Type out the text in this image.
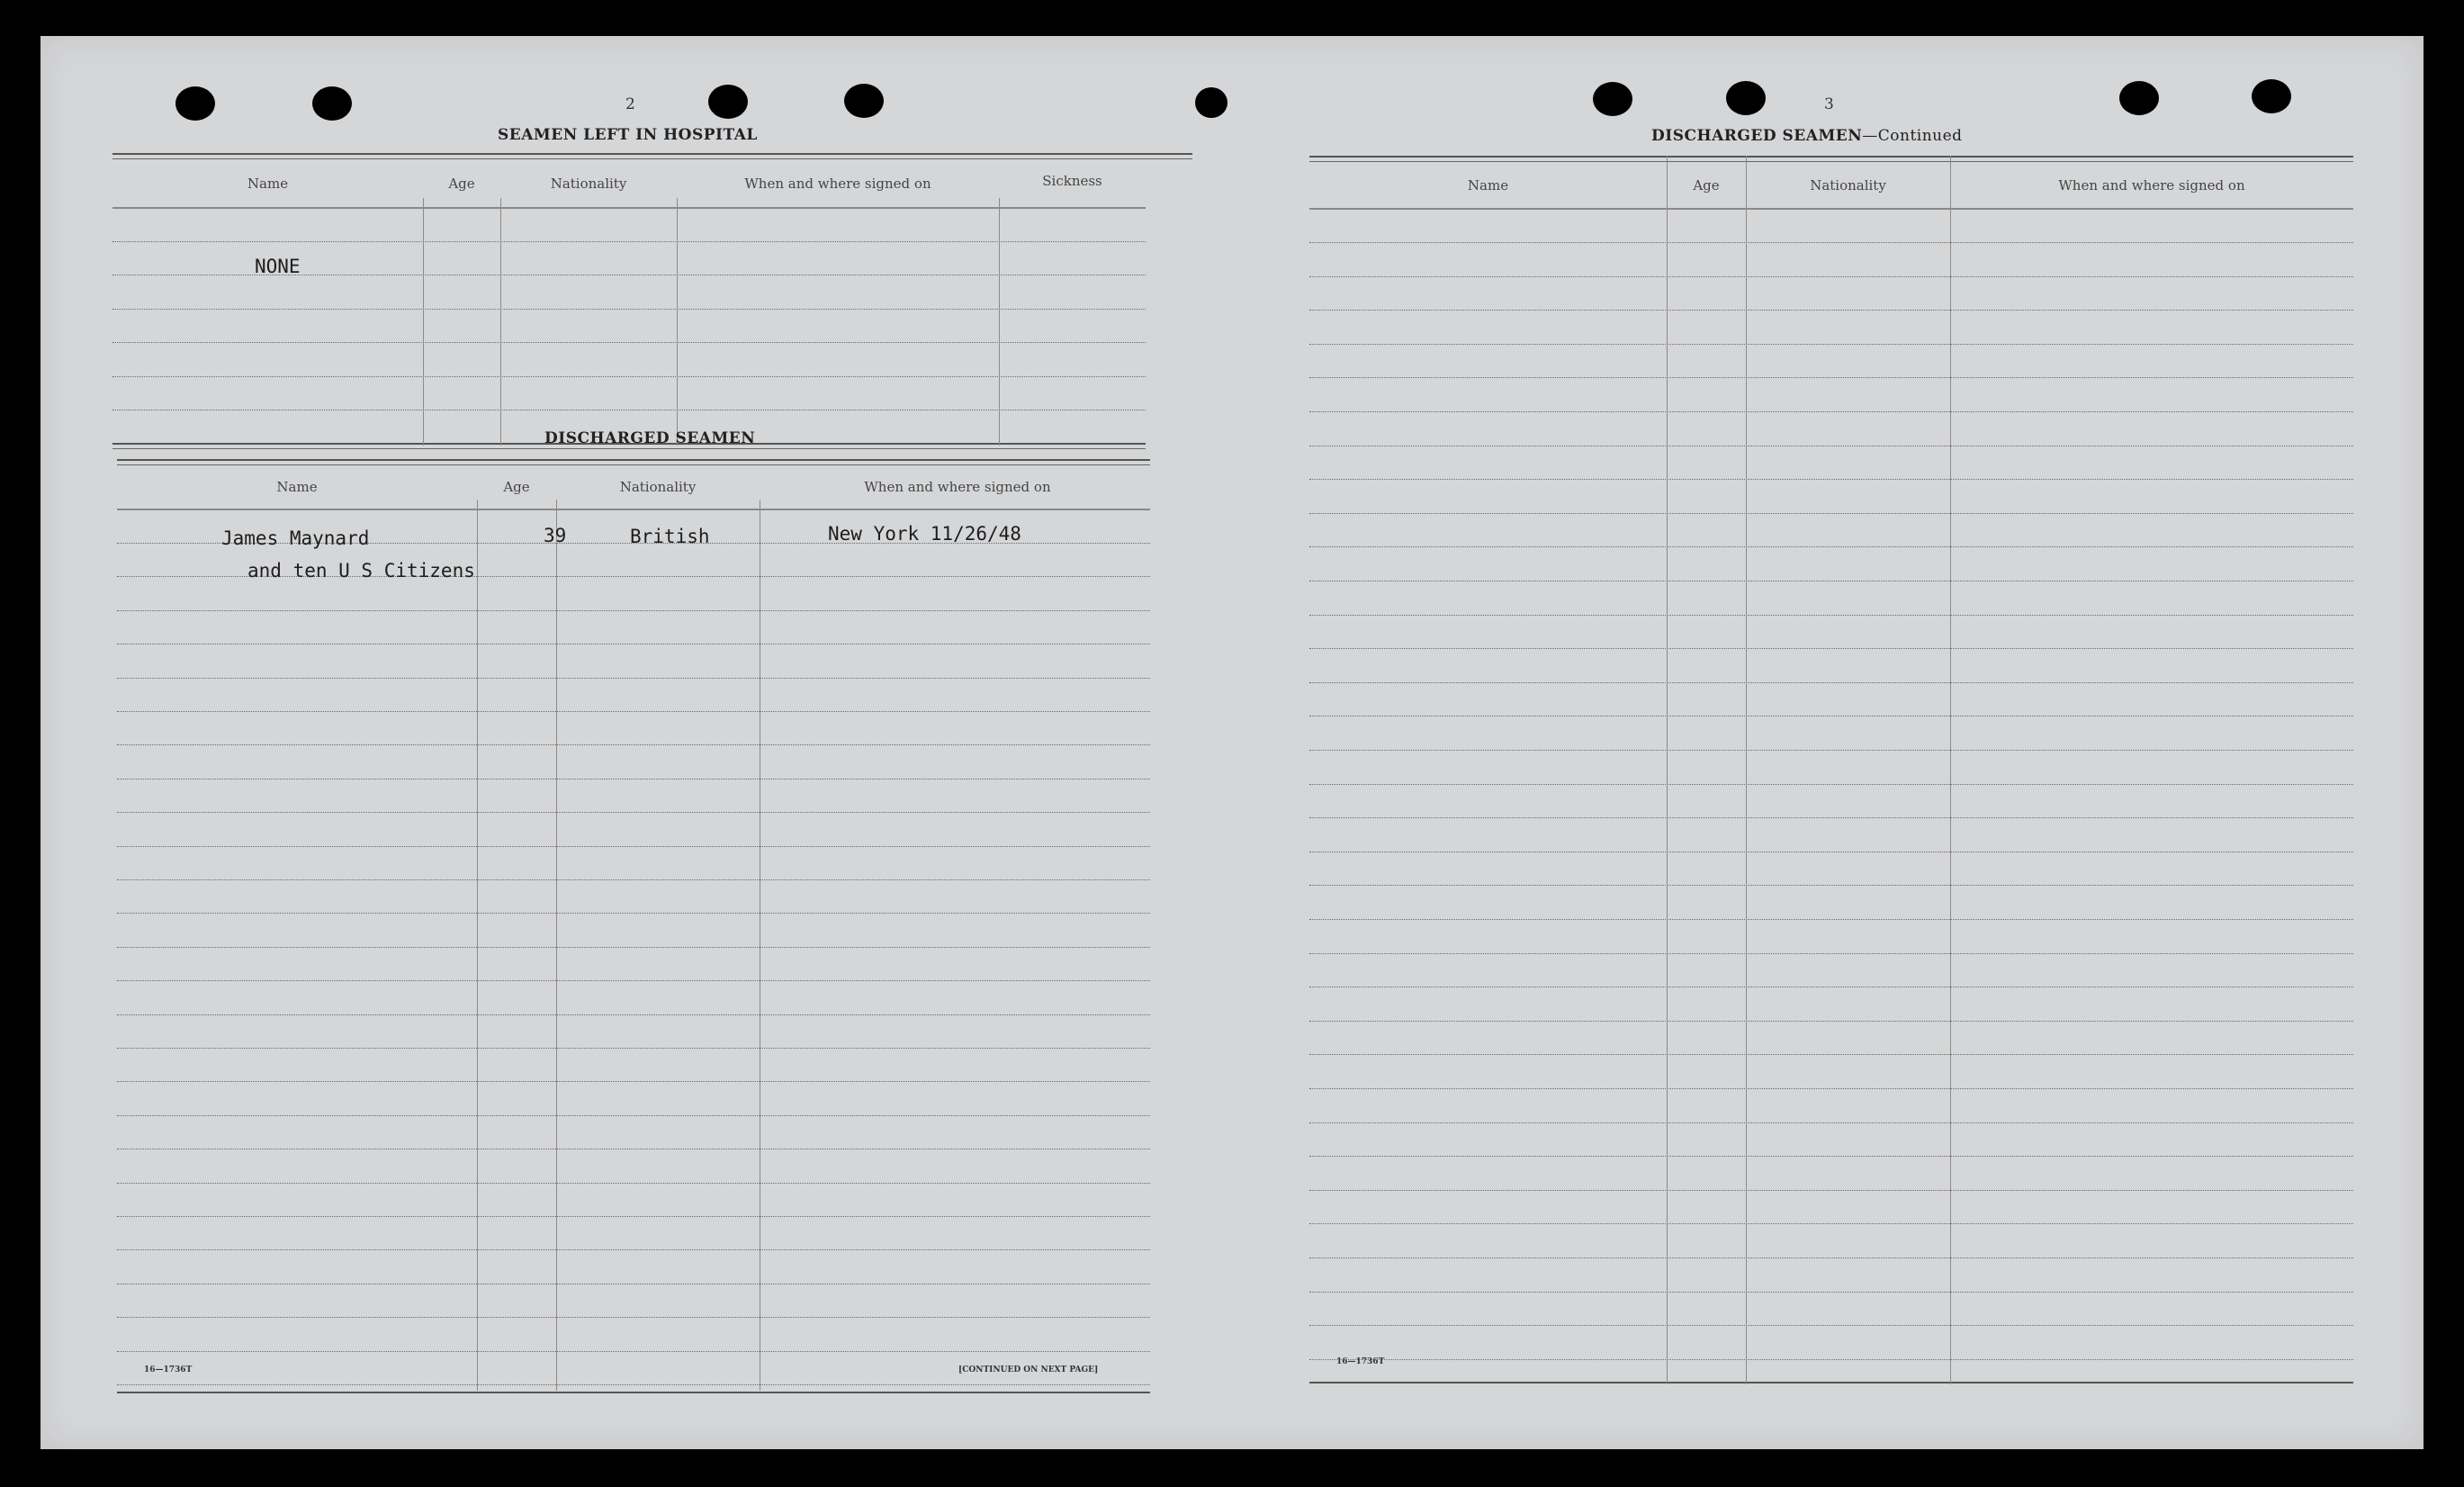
2
SEAMEN LEFT IN HOSPITAL
Name	Age	Nationality	When and where signed on	Sickness
NONE
DISCHARGED SEAMEN
Name	Age	Nationality	When and where signed on
James Maynard	39	British	New York 11/26/48
and ten U S Citizens
16—1736T	[CONTINUED ON NEXT PAGE]
3
DISCHARGED SEAMEN—Continued
Name	Age	Nationality	When and where signed on
16—1736T
